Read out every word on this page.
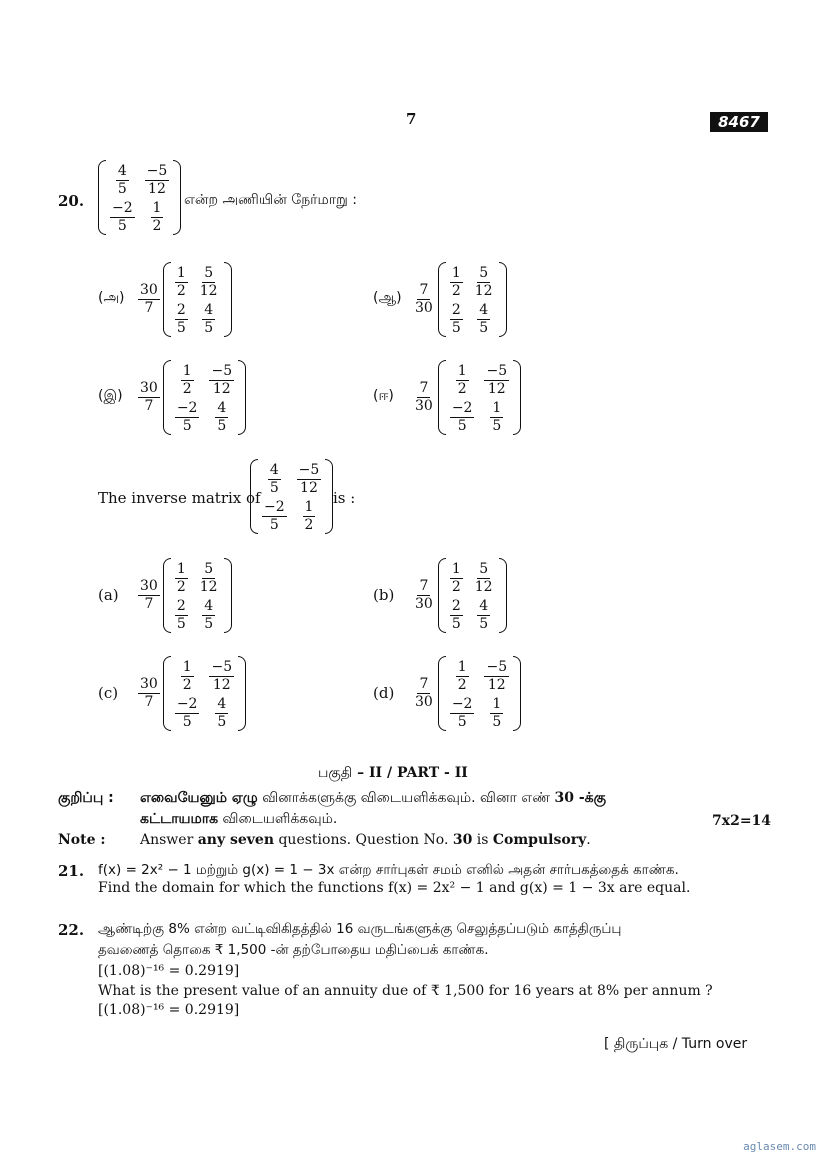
7	8467
20.
$\frac{4}{5}$	$\frac{-5}{12}$

$\frac{-2}{5}$	$\frac{1}{2}$
என்ற அணியின் நேர்மாறு :
(அ) $\frac{30}{7}$
$\frac{1}{2}$	$\frac{5}{12}$

$\frac{2}{5}$	$\frac{4}{5}$
(ஆ) $\frac{7}{30}$
$\frac{1}{2}$	$\frac{5}{12}$

$\frac{2}{5}$	$\frac{4}{5}$
(இ)	$\frac{30}{7}$
$\frac{1}{2}$	$\frac{-5}{12}$

$\frac{-2}{5}$	$\frac{4}{5}$
(ஈ)	$\frac{7}{30}$
$\frac{1}{2}$	$\frac{-5}{12}$

$\frac{-2}{5}$	$\frac{1}{5}$
The inverse matrix of
$\frac{4}{5}$	$\frac{-5}{12}$

$\frac{-2}{5}$	$\frac{1}{2}$
is :
(a)	$\frac{30}{7}$
$\frac{1}{2}$	$\frac{5}{12}$

$\frac{2}{5}$	$\frac{4}{5}$
(b)	$\frac{7}{30}$
$\frac{1}{2}$	$\frac{5}{12}$

$\frac{2}{5}$	$\frac{4}{5}$
(c)	$\frac{30}{7}$
$\frac{1}{2}$	$\frac{-5}{12}$

$\frac{-2}{5}$	$\frac{4}{5}$
(d)	$\frac{7}{30}$
$\frac{1}{2}$	$\frac{-5}{12}$

$\frac{-2}{5}$	$\frac{1}{5}$
பகுதி – II / PART - II
குறிப்பு : எவையேனும் ஏழு வினாக்களுக்கு விடையளிக்கவும். வினா எண் 30 -க்கு
கட்டாயமாக விடையளிக்கவும்.	7x2=14
Note : Answer any seven questions. Question No. 30 is Compulsory.
21. f(x) = 2x² − 1 மற்றும் g(x) = 1 − 3x என்ற சார்புகள் சமம் எனில் அதன் சார்பகத்தைக் காண்க.
Find the domain for which the functions f(x) = 2x² − 1 and g(x) = 1 − 3x are equal.
22. ஆண்டிற்கு 8% என்ற வட்டிவிகிதத்தில் 16 வருடங்களுக்கு செலுத்தப்படும் காத்திருப்பு
தவணைத் தொகை ₹ 1,500 -ன் தற்போதைய மதிப்பைக் காண்க.
[(1.08)⁻¹⁶ = 0.2919]
What is the present value of an annuity due of ₹ 1,500 for 16 years at 8% per annum ?
[(1.08)⁻¹⁶ = 0.2919]
[ திருப்புக / Turn over
aglasem.com
